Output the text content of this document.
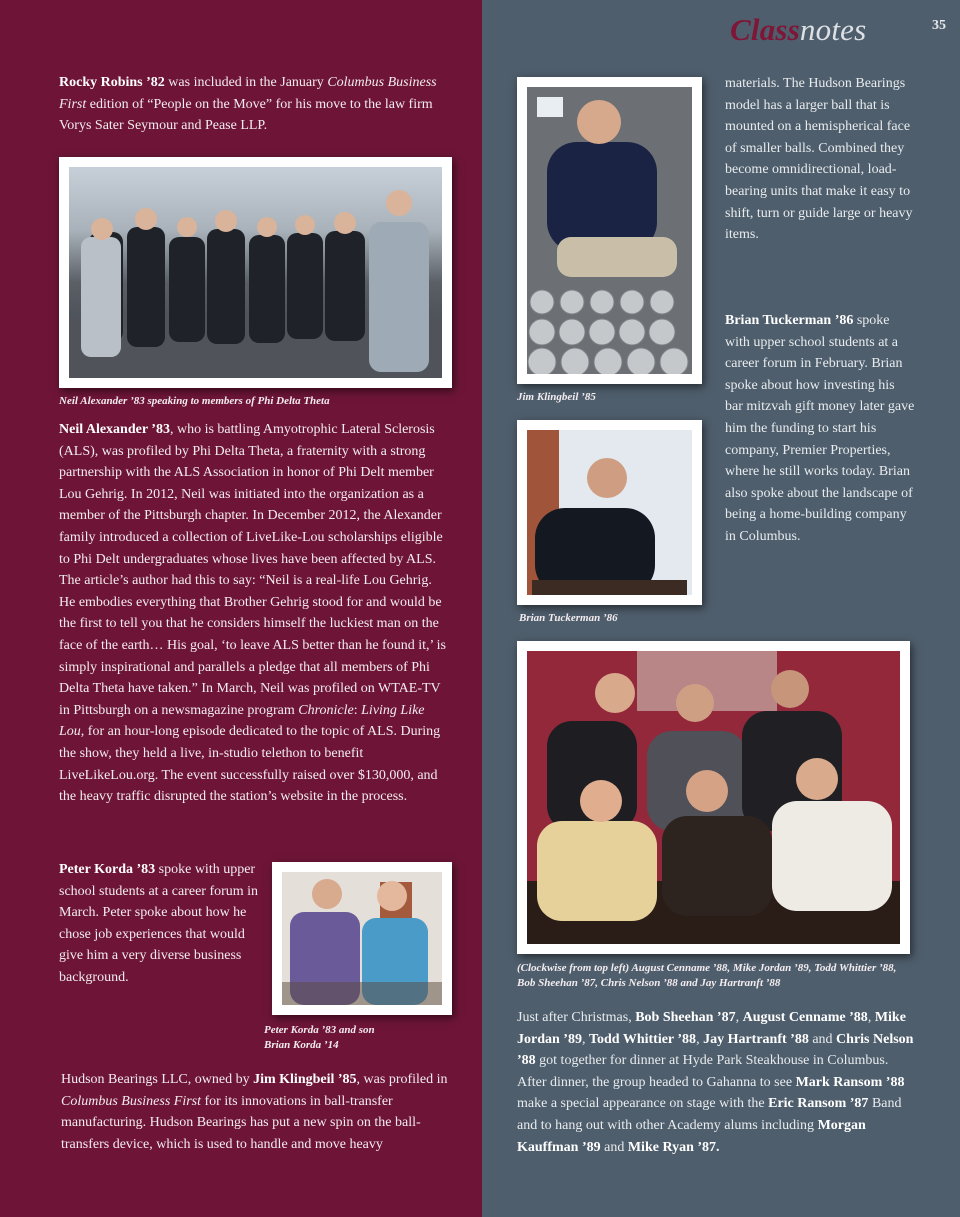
Classnotes	35

Rocky Robins ’82 was included in the January Columbus Business First edition of “People on the Move” for his move to the law firm Vorys Sater Seymour and Pease LLP.

Neil Alexander ’83 speaking to members of Phi Delta Theta

Neil Alexander ’83, who is battling Amyotrophic Lateral Sclerosis (ALS), was profiled by Phi Delta Theta, a fraternity with a strong partnership with the ALS Association in honor of Phi Delt member Lou Gehrig. In 2012, Neil was initiated into the organization as a member of the Pittsburgh chapter. In December 2012, the Alexander family introduced a collection of LiveLike-Lou scholarships eligible to Phi Delt undergraduates whose lives have been affected by ALS. The article’s author had this to say: “Neil is a real-life Lou Gehrig. He embodies everything that Brother Gehrig stood for and would be the first to tell you that he considers himself the luckiest man on the face of the earth… His goal, ‘to leave ALS better than he found it,’ is simply inspirational and parallels a pledge that all members of Phi Delta Theta have taken.” In March, Neil was profiled on WTAE-TV in Pittsburgh on a newsmagazine program Chronicle: Living Like Lou, for an hour-long episode dedicated to the topic of ALS. During the show, they held a live, in-studio telethon to benefit LiveLikeLou.org. The event successfully raised over $130,000, and the heavy traffic disrupted the station’s website in the process.

Peter Korda ’83 spoke with upper school students at a career forum in March. Peter spoke about how he chose job experiences that would give him a very diverse business background.

Peter Korda ’83 and son
Brian Korda ’14

Hudson Bearings LLC, owned by Jim Klingbeil ’85, was profiled in Columbus Business First for its innovations in ball-transfer manufacturing. Hudson Bearings has put a new spin on the ball-transfers device, which is used to handle and move heavy

Jim Klingbeil ’85

materials. The Hudson Bearings model has a larger ball that is mounted on a hemispherical face of smaller balls. Combined they become omnidirectional, load-bearing units that make it easy to shift, turn or guide large or heavy items.

Brian Tuckerman ’86 spoke with upper school students at a career forum in February. Brian spoke about how investing his bar mitzvah gift money later gave him the funding to start his company, Premier Properties, where he still works today. Brian also spoke about the landscape of being a home-building company in Columbus.

Brian Tuckerman ’86
(Clockwise from top left) August Cenname ’88, Mike Jordan ’89, Todd Whittier ’88, Bob Sheehan ’87, Chris Nelson ’88 and Jay Hartranft ’88

Just after Christmas, Bob Sheehan ’87, August Cenname ’88, Mike Jordan ’89, Todd Whittier ’88, Jay Hartranft ’88 and Chris Nelson ’88 got together for dinner at Hyde Park Steakhouse in Columbus. After dinner, the group headed to Gahanna to see Mark Ransom ’88 make a special appearance on stage with the Eric Ransom ’87 Band and to hang out with other Academy alums including Morgan Kauffman ’89 and Mike Ryan ’87.
